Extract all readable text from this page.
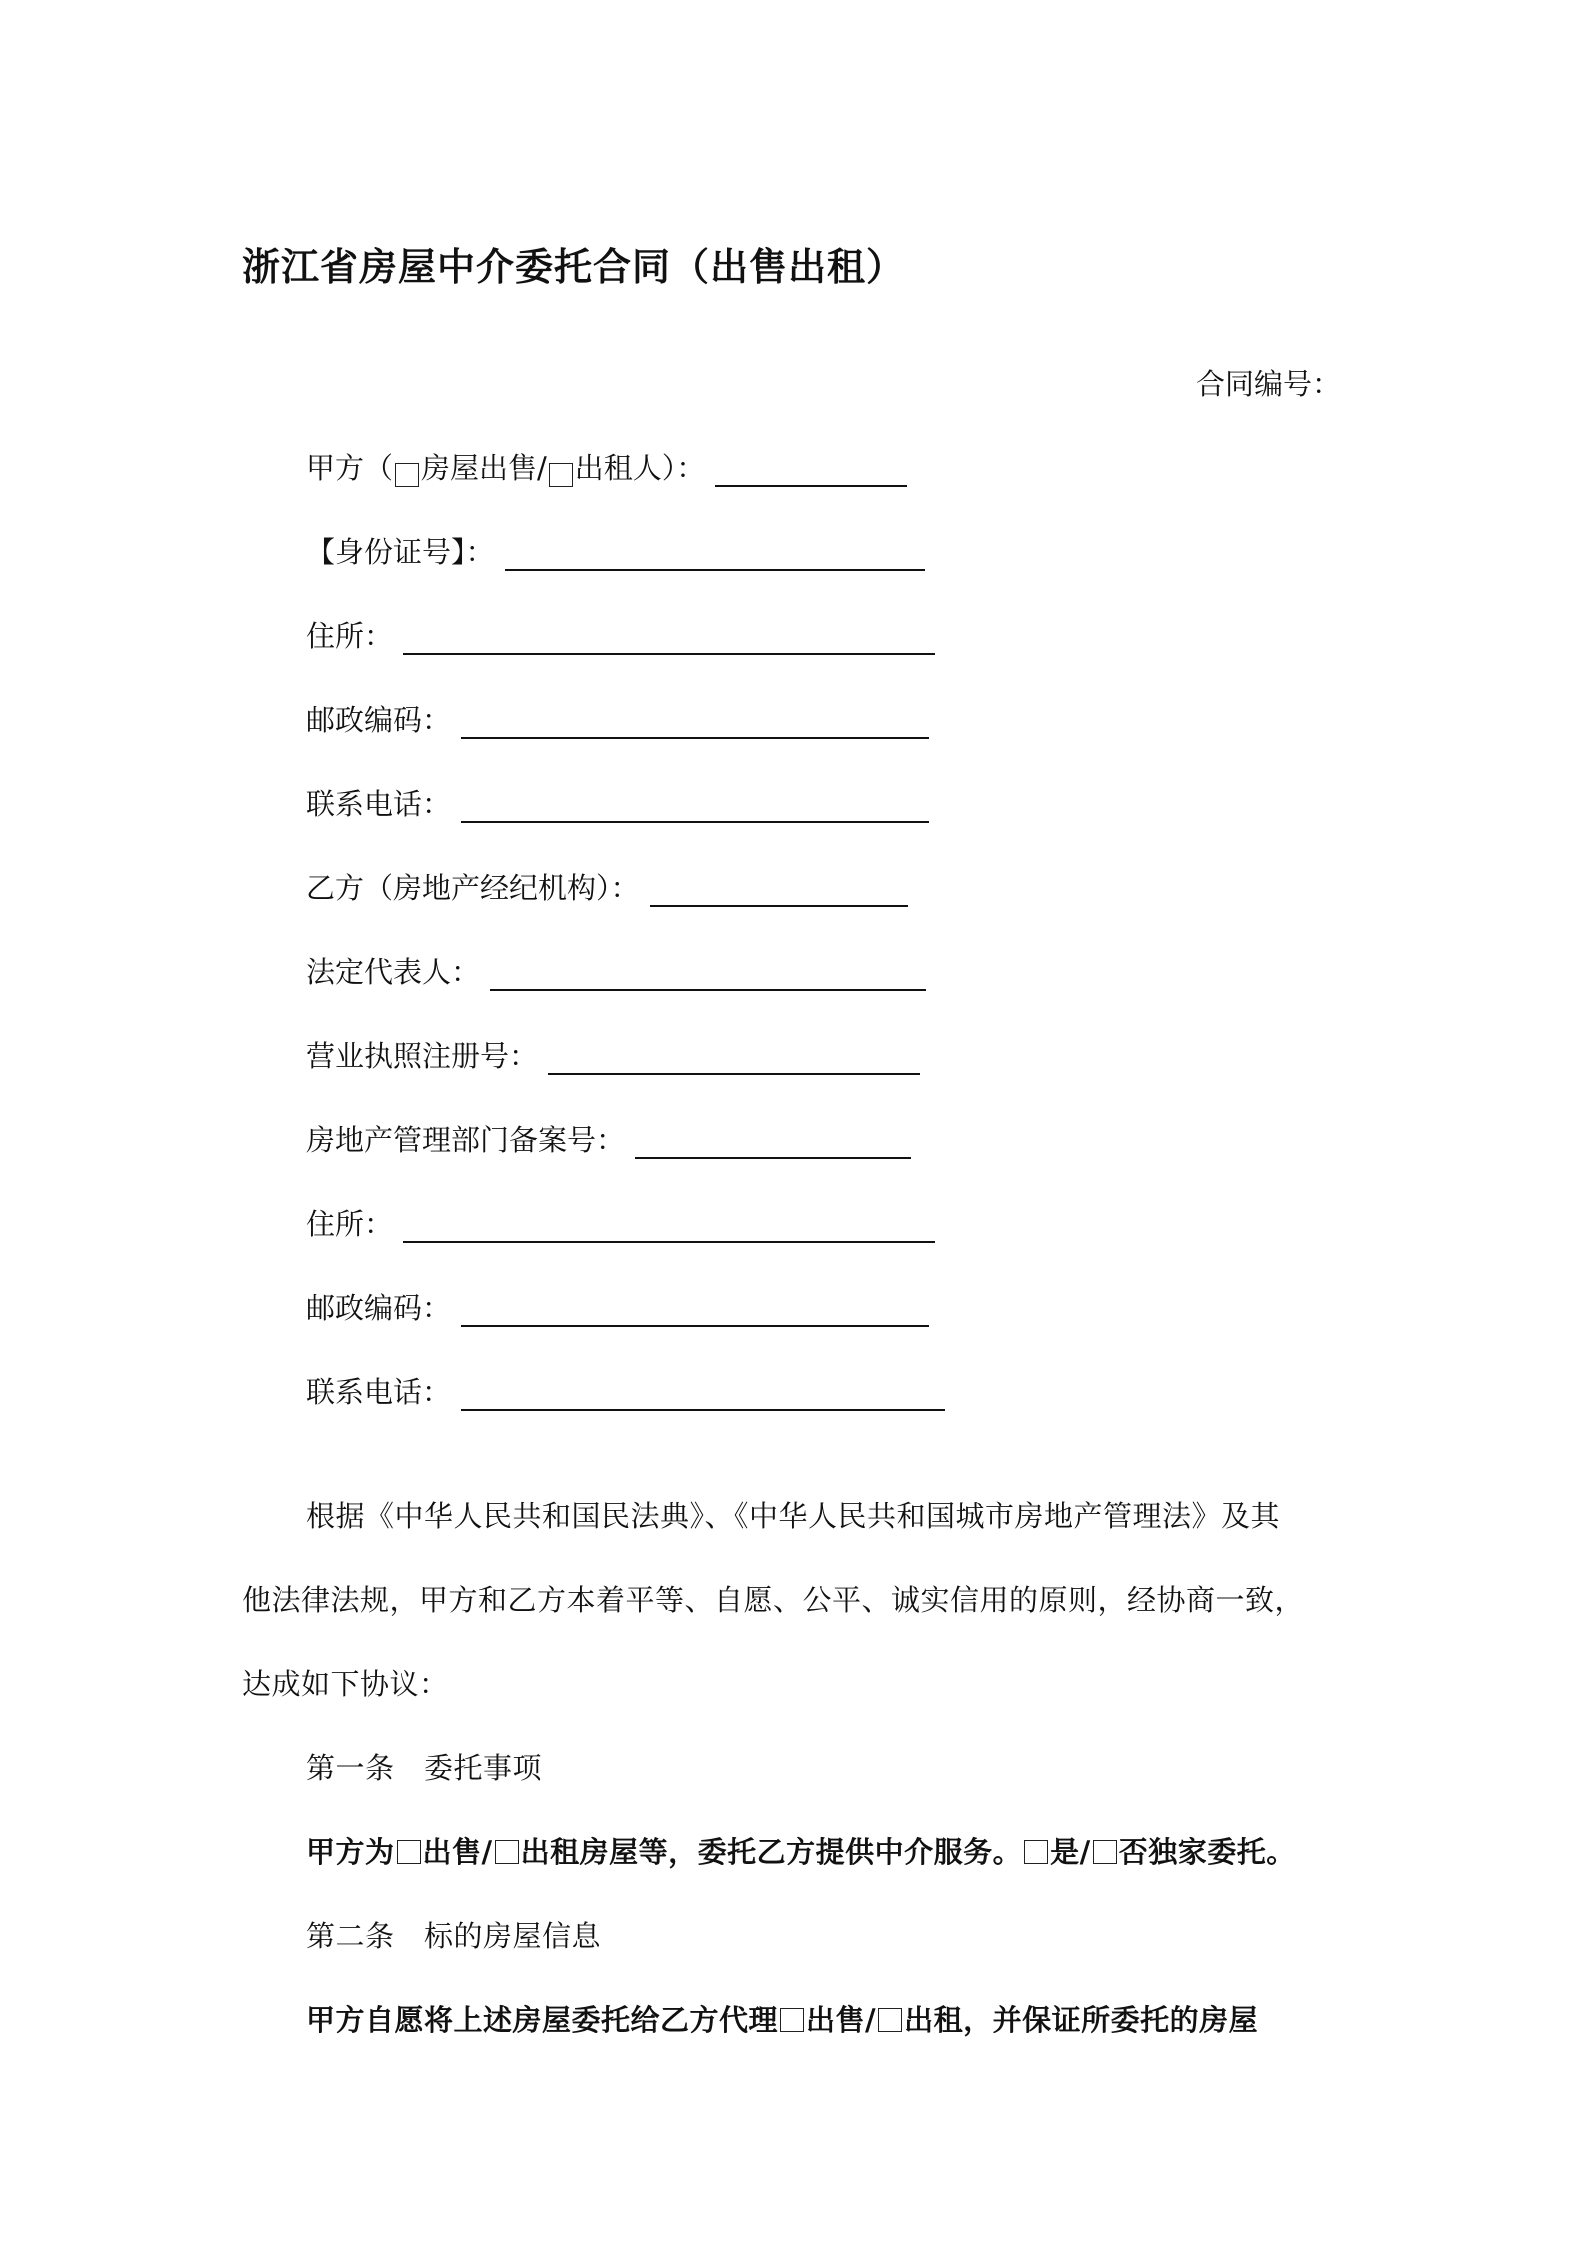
浙江省房屋中介委托合同（出售出租）
合同编号：
甲方（ 房屋出售/ 出租人）：
【身份证号】：
住所：
邮政编码：
联系电话：
乙方（房地产经纪机构）：
法定代表人：
营业执照注册号：
房地产管理部门备案号：
住所：
邮政编码：
联系电话：
根据《中华人民共和国民法典》、《中华人民共和国城市房地产管理法》及其
他法律法规，甲方和乙方本着平等、自愿、公平、诚实信用的原则，经协商一致，
达成如下协议：
第一条　委托事项
甲方为 出售/ 出租房屋等，委托乙方提供中介服务。 是/ 否独家委托。
第二条　标的房屋信息
甲方自愿将上述房屋委托给乙方代理 出售/ 出租，并保证所委托的房屋
